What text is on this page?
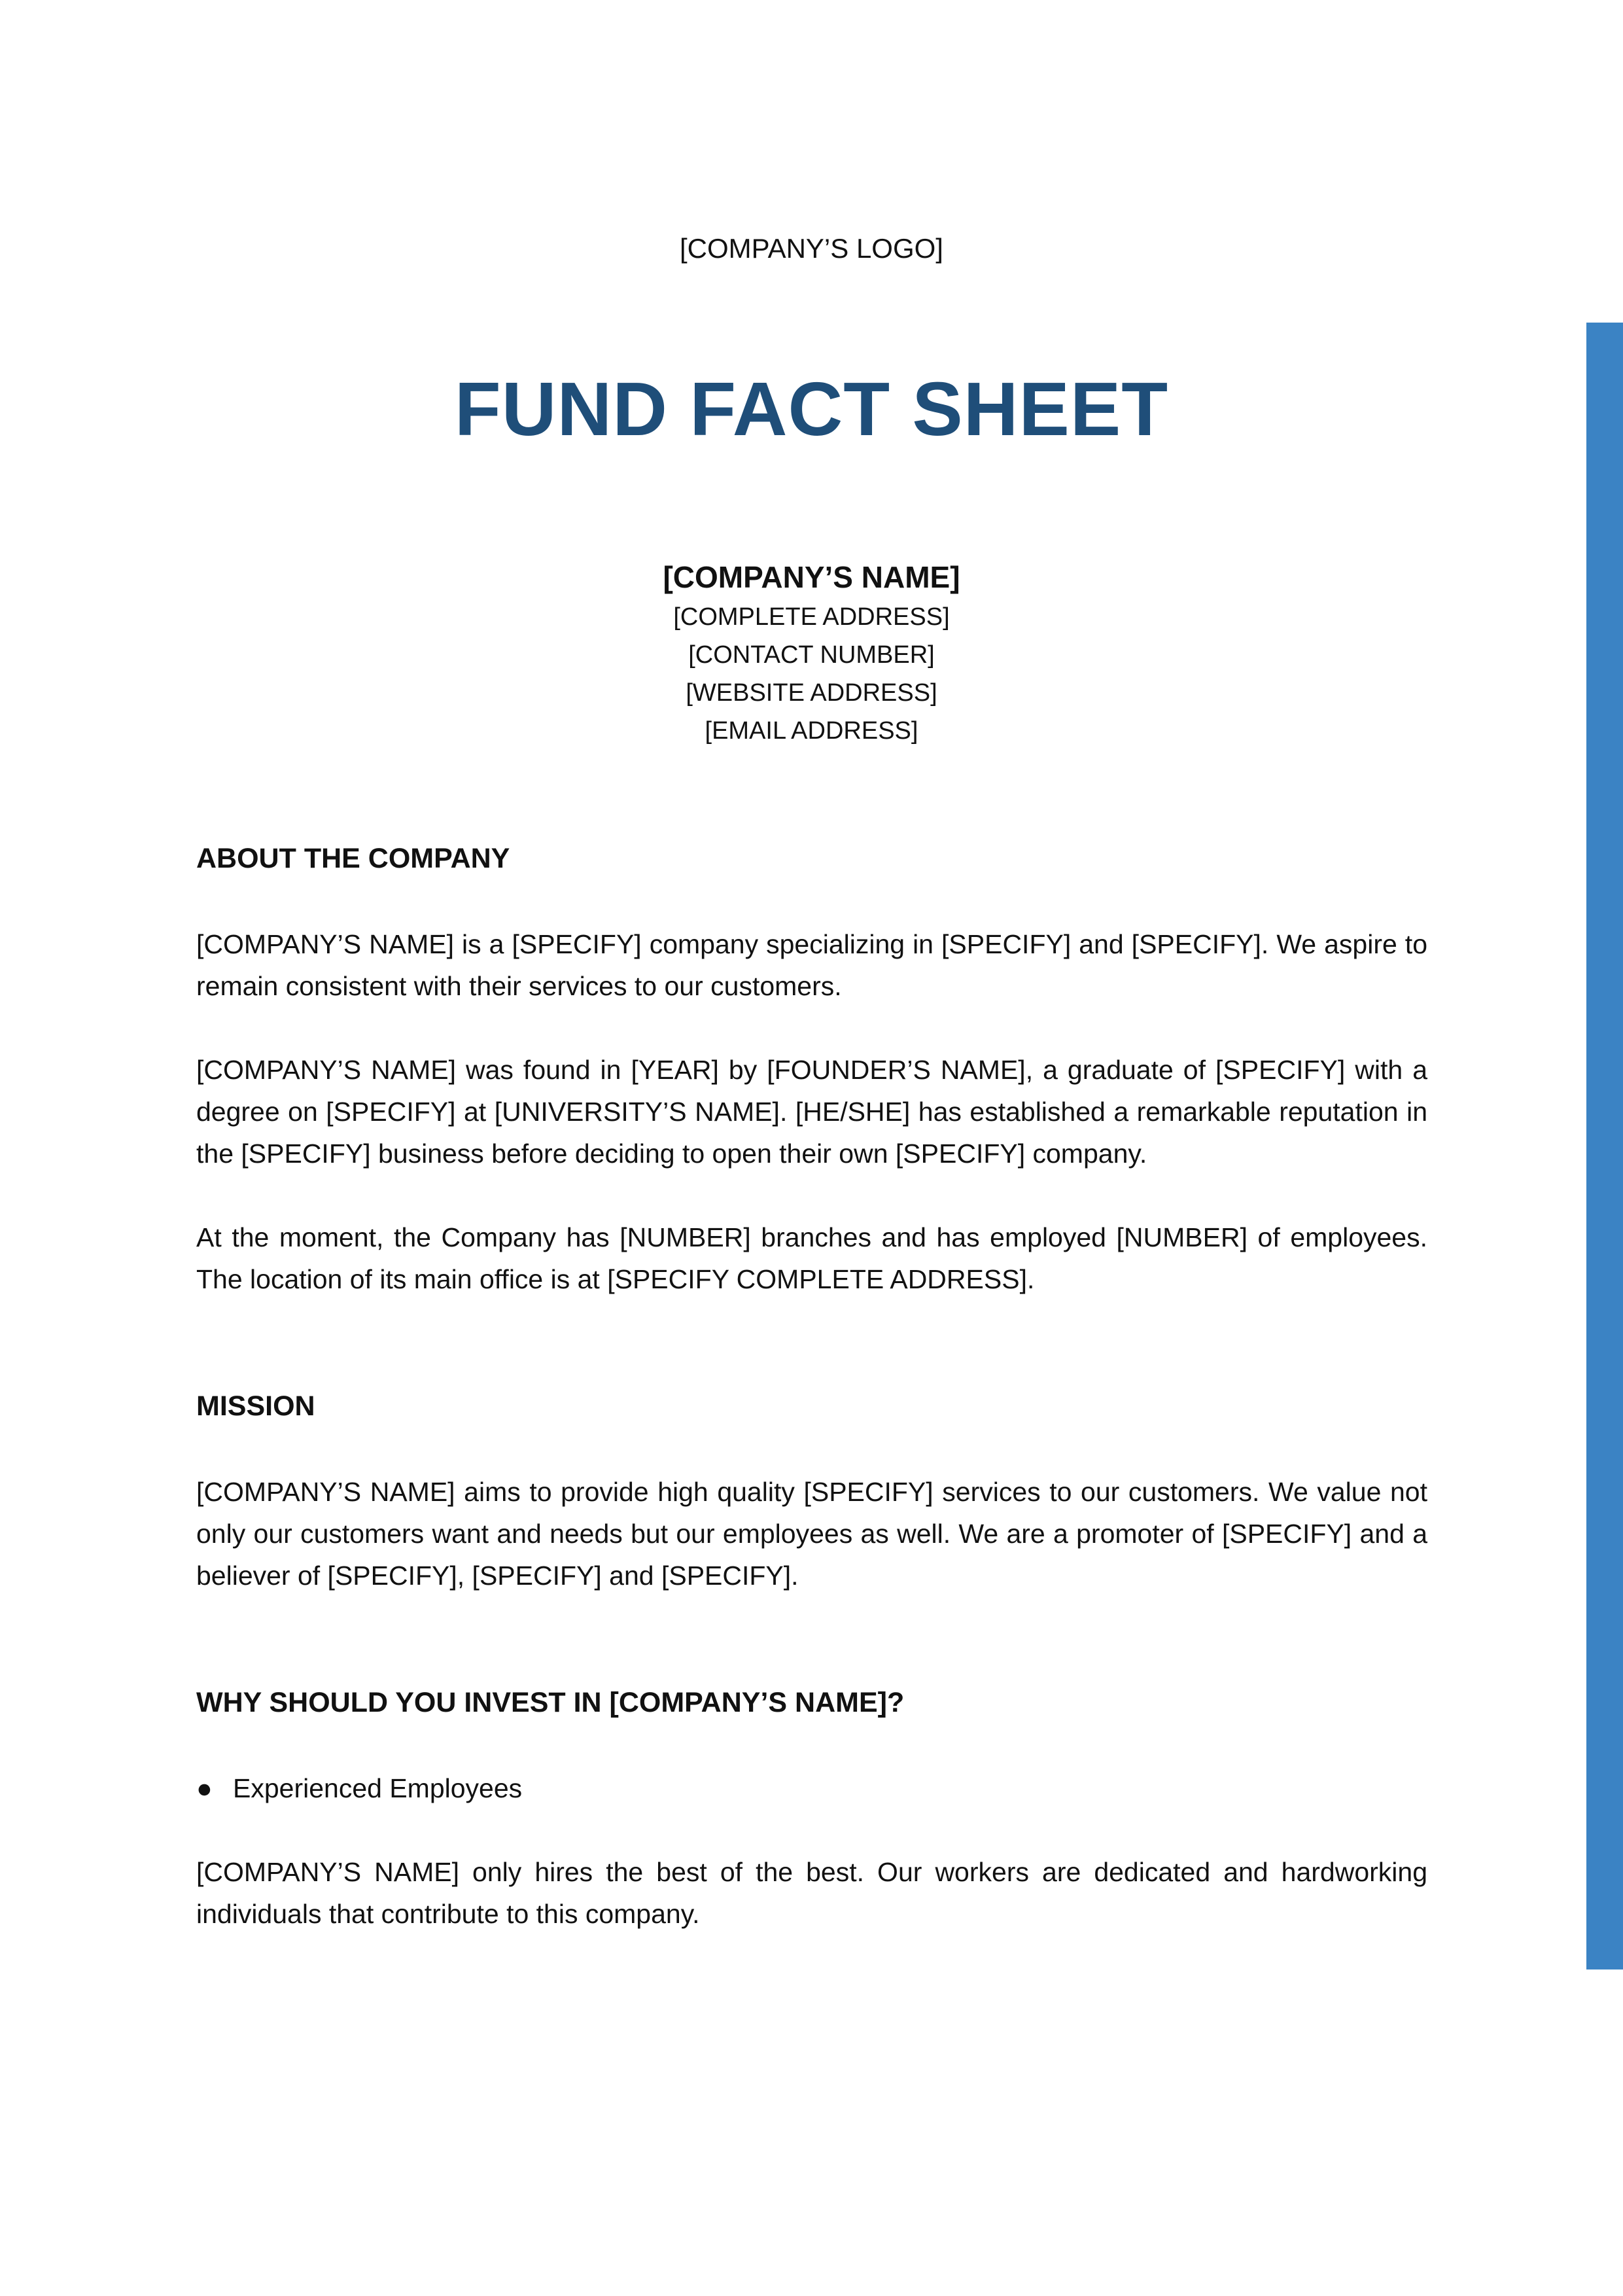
[COMPANY’S LOGO]
FUND FACT SHEET
[COMPANY’S NAME]
[COMPLETE ADDRESS]
[CONTACT NUMBER]
[WEBSITE ADDRESS]
[EMAIL ADDRESS]
ABOUT THE COMPANY

[COMPANY’S NAME] is a [SPECIFY] company specializing in [SPECIFY] and [SPECIFY]. We aspire to remain consistent with their services to our customers.

[COMPANY’S NAME] was found in [YEAR] by [FOUNDER’S NAME], a graduate of [SPECIFY] with a degree on [SPECIFY] at [UNIVERSITY’S NAME]. [HE/SHE] has established a remarkable reputation in the [SPECIFY] business before deciding to open their own [SPECIFY] company.

At the moment, the Company has [NUMBER] branches and has employed [NUMBER] of employees. The location of its main office is at [SPECIFY COMPLETE ADDRESS].

MISSION

[COMPANY’S NAME] aims to provide high quality [SPECIFY] services to our customers. We value not only our customers want and needs but our employees as well. We are a promoter of [SPECIFY] and a believer of [SPECIFY], [SPECIFY] and [SPECIFY].

WHY SHOULD YOU INVEST IN [COMPANY’S NAME]?
● Experienced Employees

[COMPANY’S NAME] only hires the best of the best. Our workers are dedicated and hardworking individuals that contribute to this company.
